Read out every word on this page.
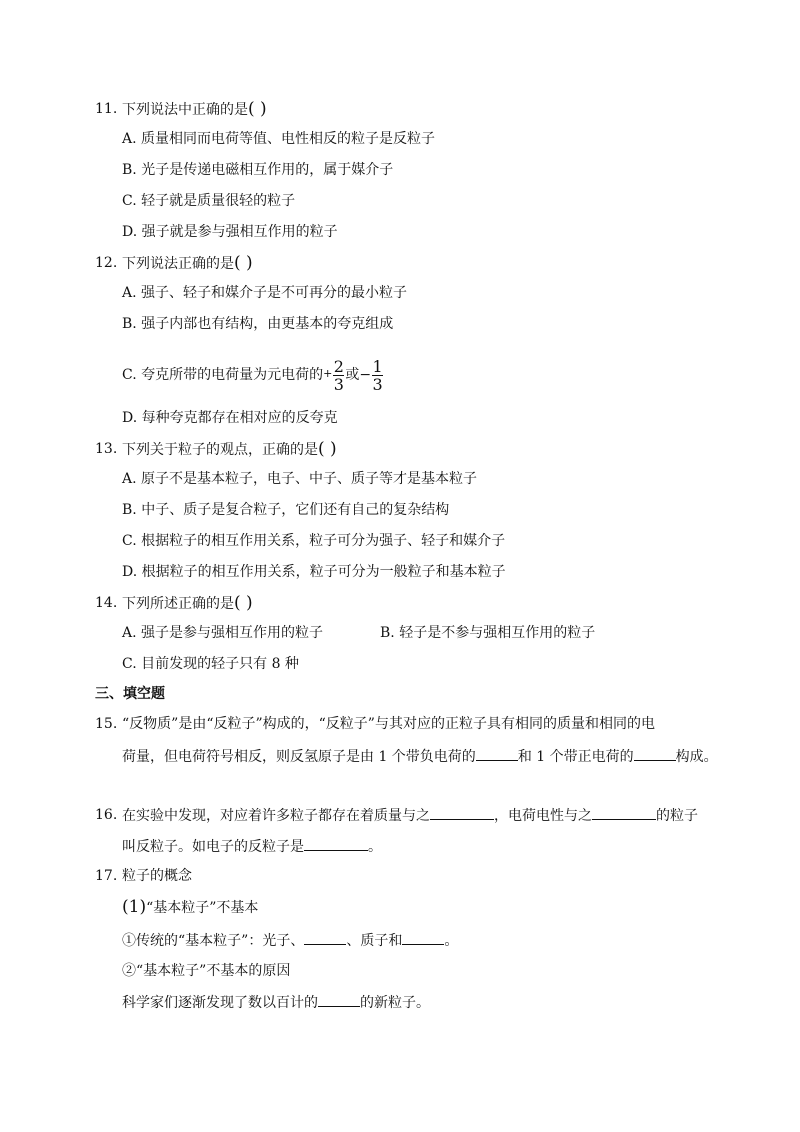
11. 下列说法中正确的是( )
A. 质量相同而电荷等值、电性相反的粒子是反粒子
B. 光子是传递电磁相互作用的，属于媒介子
C. 轻子就是质量很轻的粒子
D. 强子就是参与强相互作用的粒子
12. 下列说法正确的是( )
A. 强子、轻子和媒介子是不可再分的最小粒子
B. 强子内部也有结构，由更基本的夸克组成
C. 夸克所带的电荷量为元电荷的+ $\frac{2}{3}$ 或− $\frac{1}{3}$
D. 每种夸克都存在相对应的反夸克
13. 下列关于粒子的观点，正确的是( )
A. 原子不是基本粒子，电子、中子、质子等才是基本粒子
B. 中子、质子是复合粒子，它们还有自己的复杂结构
C. 根据粒子的相互作用关系，粒子可分为强子、轻子和媒介子
D. 根据粒子的相互作用关系，粒子可分为一般粒子和基本粒子
14. 下列所述正确的是( )
A. 强子是参与强相互作用的粒子	B. 轻子是不参与强相互作用的粒子
C. 目前发现的轻子只有 8 种
三、填空题
15. “反物质”是由“反粒子”构成的，“反粒子”与其对应的正粒子具有相同的质量和相同的电
荷量，但电荷符号相反，则反氢原子是由 1 个带负电荷的	和 1 个带正电荷的	构成。
16. 在实验中发现，对应着许多粒子都存在着质量与之	，电荷电性与之	的粒子
叫反粒子。如电子的反粒子是	。
17. 粒子的概念
(1)“基本粒子”不基本
①传统的“基本粒子”：光子、	、质子和	。
②“基本粒子”不基本的原因
科学家们逐渐发现了数以百计的	的新粒子。
